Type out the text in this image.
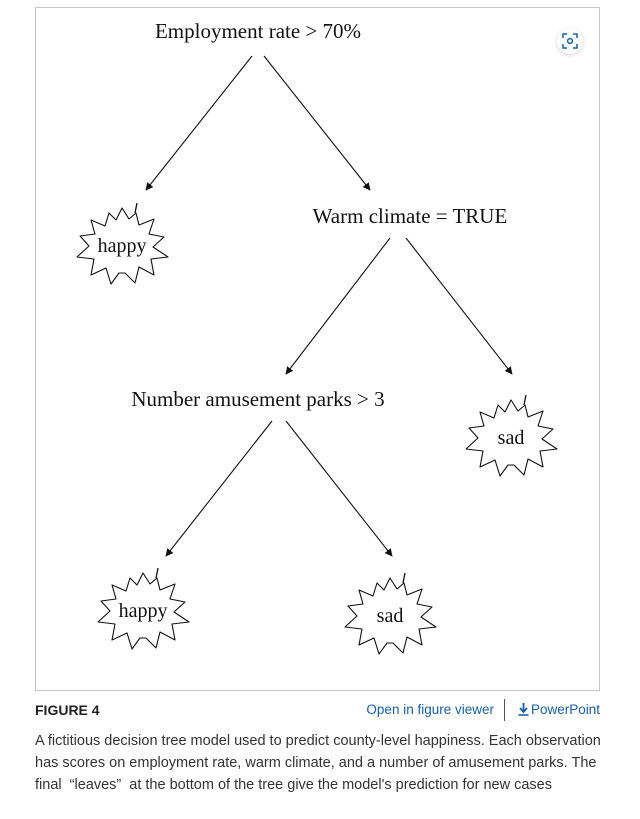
Employment rate > 70%
Warm climate = TRUE
Number amusement parks > 3
happy
sad
happy	sad
FIGURE 4	Open in figure viewer	PowerPoint
A fictitious decision tree model used to predict county-level happiness. Each observation has scores on employment rate, warm climate, and a number of amusement parks. The final  “leaves”  at the bottom of the tree give the model's prediction for new cases
